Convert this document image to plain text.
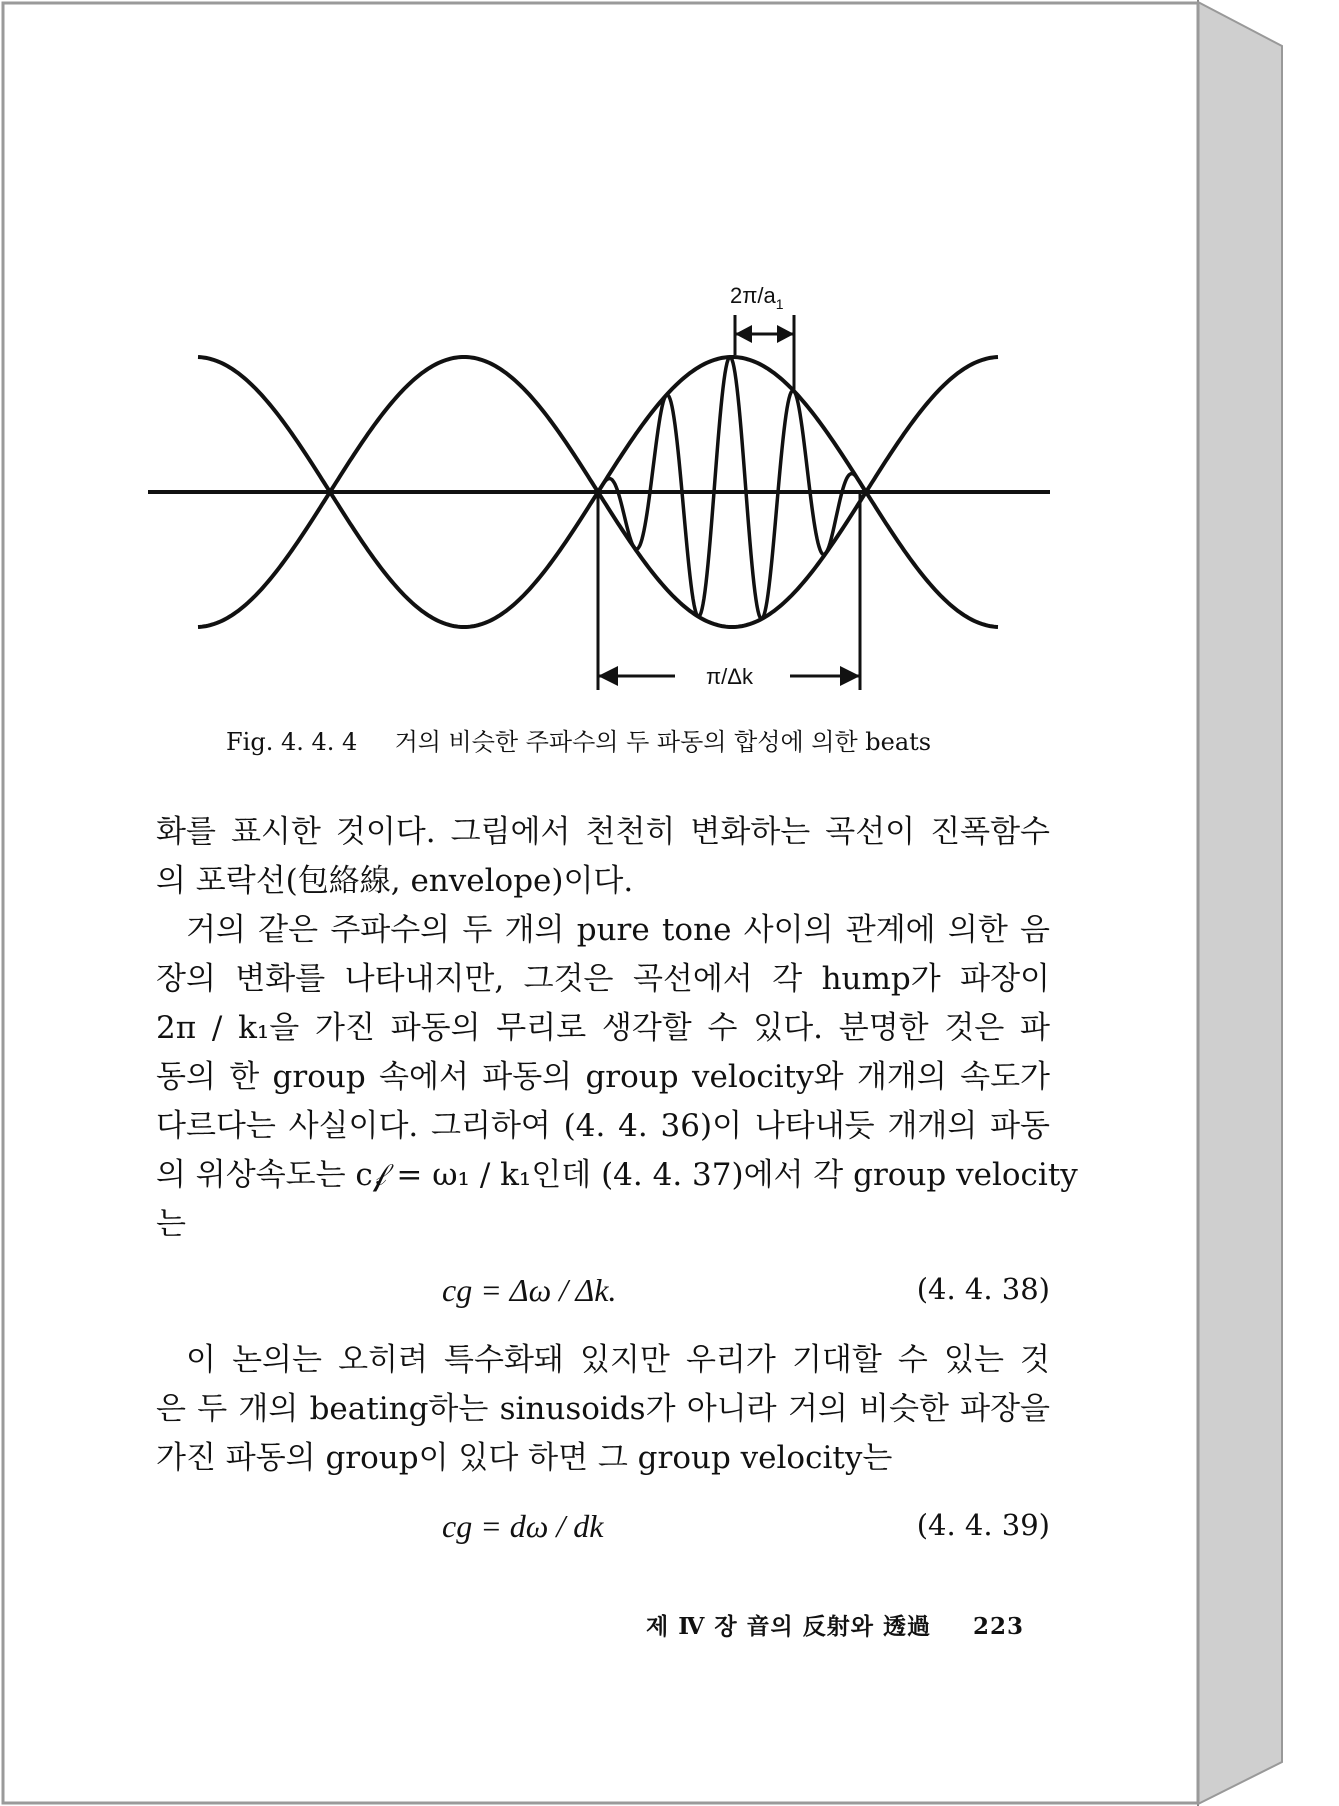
$2\pi/a_1$
π/Δk
Fig. 4. 4. 4 거의 비슷한 주파수의 두 파동의 합성에 의한 beats

화를 표시한 것이다. 그림에서 천천히 변화하는 곡선이 진폭함수

의 포락선(包絡線, envelope)이다.

거의 같은 주파수의 두 개의 pure tone 사이의 관계에 의한 음

장의 변화를 나타내지만, 그것은 곡선에서 각 hump가 파장이

2π / k₁을 가진 파동의 무리로 생각할 수 있다. 분명한 것은 파

동의 한 group 속에서 파동의 group velocity와 개개의 속도가

다르다는 사실이다. 그리하여 (4. 4. 36)이 나타내듯 개개의 파동

의 위상속도는 c𝒻 = ω₁ / k₁인데 (4. 4. 37)에서 각 group velocity

는

cg = Δω / Δk.	(4. 4. 38)

이 논의는 오히려 특수화돼 있지만 우리가 기대할 수 있는 것

은 두 개의 beating하는 sinusoids가 아니라 거의 비슷한 파장을

가진 파동의 group이 있다 하면 그 group velocity는

cg = dω / dk	(4. 4. 39)
제 Ⅳ 장 音의 反射와 透過 223
